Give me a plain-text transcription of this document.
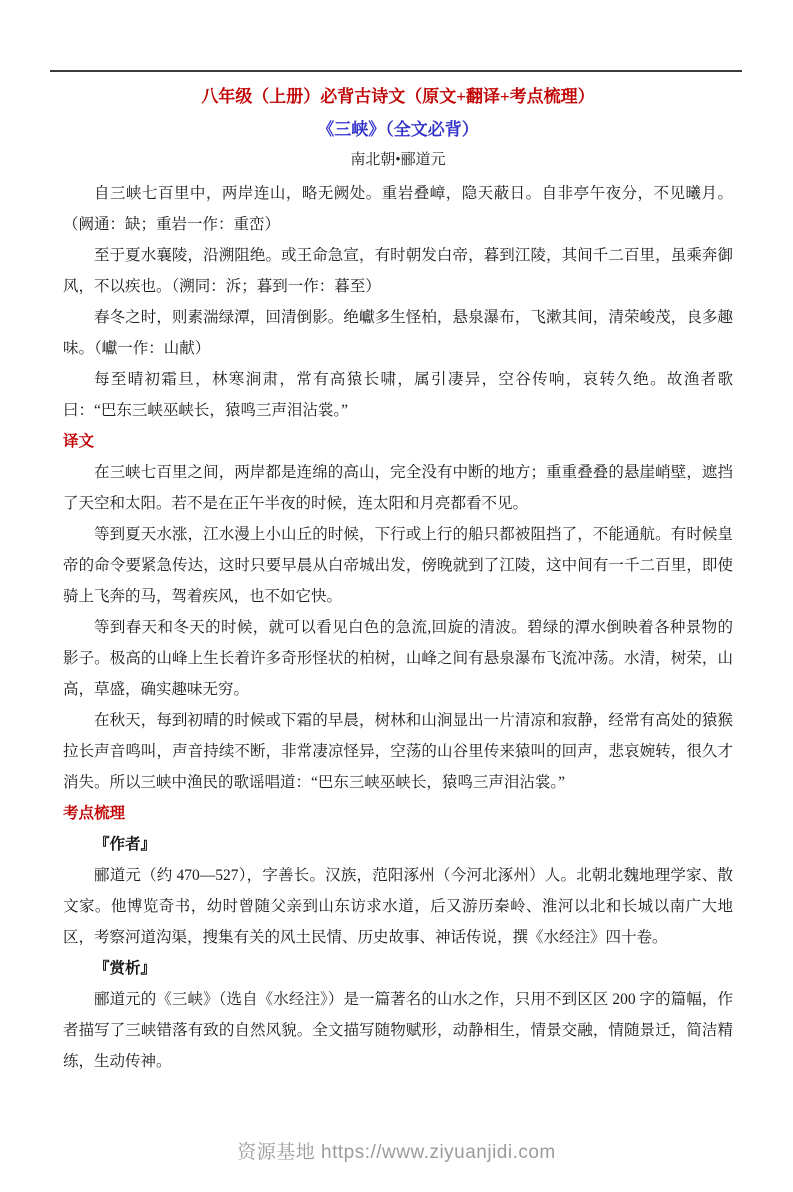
八年级（上册）必背古诗文（原文+翻译+考点梳理）
《三峡》（全文必背）
南北朝•郦道元

自三峡七百里中，两岸连山，略无阙处。重岩叠嶂，隐天蔽日。自非亭午夜分，不见曦月。（阙通：缺；重岩一作：重峦）

至于夏水襄陵，沿溯阻绝。或王命急宣，有时朝发白帝，暮到江陵，其间千二百里，虽乘奔御风，不以疾也。（溯同：泝；暮到一作：暮至）

春冬之时，则素湍绿潭，回清倒影。绝巘多生怪柏，悬泉瀑布，飞漱其间，清荣峻茂，良多趣味。（巘一作：山献）

每至晴初霜旦，林寒涧肃，常有高猿长啸，属引凄异，空谷传响，哀转久绝。故渔者歌曰：“巴东三峡巫峡长，猿鸣三声泪沾裳。”

译文

在三峡七百里之间，两岸都是连绵的高山，完全没有中断的地方；重重叠叠的悬崖峭壁，遮挡了天空和太阳。若不是在正午半夜的时候，连太阳和月亮都看不见。

等到夏天水涨，江水漫上小山丘的时候，下行或上行的船只都被阻挡了，不能通航。有时候皇帝的命令要紧急传达，这时只要早晨从白帝城出发，傍晚就到了江陵，这中间有一千二百里，即使骑上飞奔的马，驾着疾风，也不如它快。

等到春天和冬天的时候，就可以看见白色的急流,回旋的清波。碧绿的潭水倒映着各种景物的影子。极高的山峰上生长着许多奇形怪状的柏树，山峰之间有悬泉瀑布飞流冲荡。水清，树荣，山高，草盛，确实趣味无穷。

在秋天，每到初晴的时候或下霜的早晨，树林和山涧显出一片清凉和寂静，经常有高处的猿猴拉长声音鸣叫，声音持续不断，非常凄凉怪异，空荡的山谷里传来猿叫的回声，悲哀婉转，很久才消失。所以三峡中渔民的歌谣唱道：“巴东三峡巫峡长，猿鸣三声泪沾裳。”

考点梳理
『作者』

郦道元（约 470—527），字善长。汉族，范阳涿州（今河北涿州）人。北朝北魏地理学家、散文家。他博览奇书，幼时曾随父亲到山东访求水道，后又游历秦岭、淮河以北和长城以南广大地区，考察河道沟渠，搜集有关的风土民情、历史故事、神话传说，撰《水经注》四十卷。

『赏析』

郦道元的《三峡》（选自《水经注》）是一篇著名的山水之作，只用不到区区 200 字的篇幅，作者描写了三峡错落有致的自然风貌。全文描写随物赋形，动静相生，情景交融，情随景迁，简洁精练，生动传神。

资源基地 https://www.ziyuanjidi.com
